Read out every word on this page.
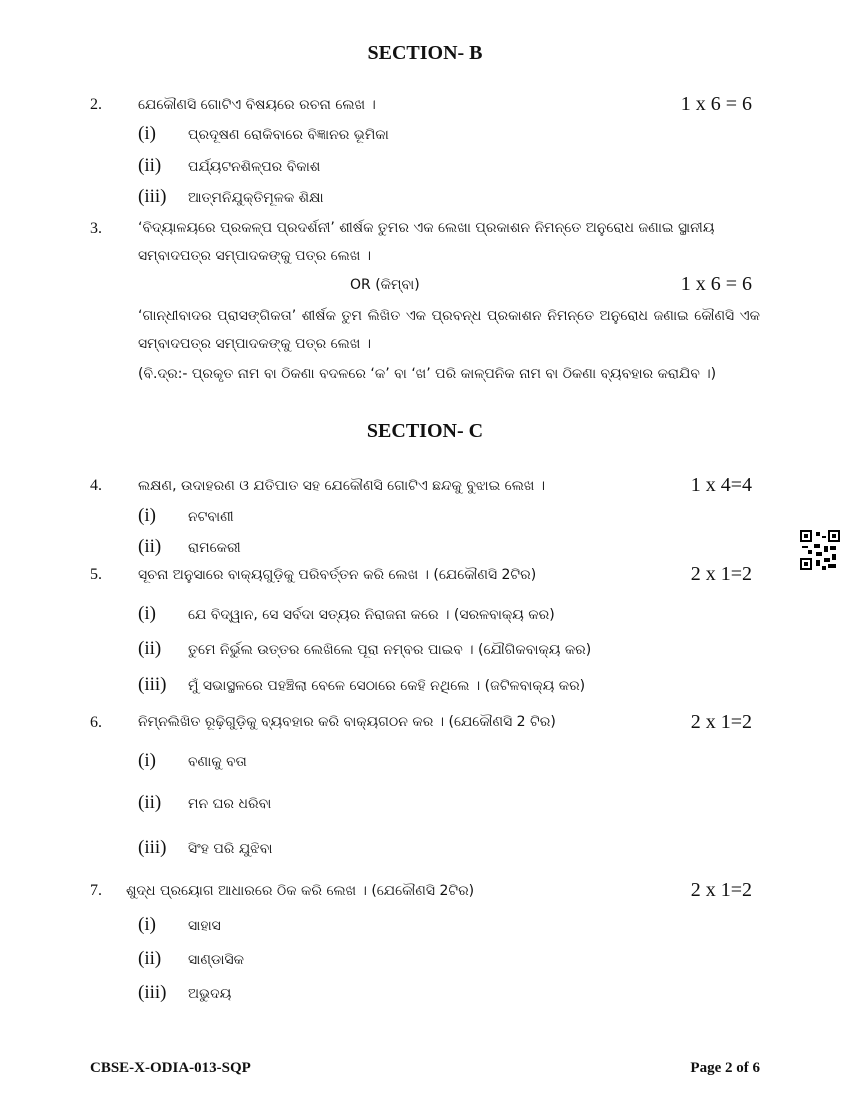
SECTION- B
2.	ଯେକୌଣସି ଗୋଟିଏ ବିଷୟରେ ରଚନା ଲେଖ ।	1 x 6 = 6
(i)	ପ୍ରଦୂଷଣ ରୋକିବାରେ ବିଜ୍ଞାନର ଭୂମିକା
(ii)	ପର୍ଯ୍ୟଟନଶିଳ୍ପର ବିକାଶ
(iii)	ଆତ୍ମନିଯୁକ୍ତିମୂଳକ ଶିକ୍ଷା
3.	‘ବିଦ୍ୟାଳୟରେ ପ୍ରକଳ୍ପ ପ୍ରଦର୍ଶନୀ’ ଶୀର୍ଷକ ତୁମର ଏକ ଲେଖା ପ୍ରକାଶନ ନିମନ୍ତେ ଅନୁରୋଧ ଜଣାଇ ସ୍ଥାନୀୟ ସମ୍ବାଦପତ୍ର ସମ୍ପାଦକଙ୍କୁ ପତ୍ର ଲେଖ ।
OR (କିମ୍ବା)	1 x 6 = 6
‘ଗାନ୍ଧୀବାଦର ପ୍ରାସଙ୍ଗିକତା’ ଶୀର୍ଷକ ତୁମ ଲିଖିତ ଏକ ପ୍ରବନ୍ଧ ପ୍ରକାଶନ ନିମନ୍ତେ ଅନୁରୋଧ ଜଣାଇ କୌଣସି ଏକ ସମ୍ବାଦପତ୍ର ସମ୍ପାଦକଙ୍କୁ ପତ୍ର ଲେଖ ।
(ବି.ଦ୍ର:- ପ୍ରକୃତ ନାମ ବା ଠିକଣା ବଦଳରେ ‘କ’ ବା ‘ଖ’ ପରି କାଳ୍ପନିକ ନାମ ବା ଠିକଣା ବ୍ୟବହାର କରାଯିବ ।)
SECTION- C
4.	ଲକ୍ଷଣ, ଉଦାହରଣ ଓ ଯତିପାତ ସହ ଯେକୌଣସି ଗୋଟିଏ ଛନ୍ଦକୁ ବୁଝାଇ ଲେଖ ।	1 x 4=4
(i)	ନଟବାଣୀ
(ii)	ରାମକେରୀ
5.	ସୂଚନା ଅନୁସାରେ ବାକ୍ୟଗୁଡ଼ିକୁ ପରିବର୍ତ୍ତନ କରି ଲେଖ । (ଯେକୌଣସି 2ଟିର)	2 x 1=2
(i)	ଯେ ବିଦ୍ୱାନ, ସେ ସର୍ବଦା ସତ୍ୟର ନିରାଜନା କରେ । (ସରଳବାକ୍ୟ କର)
(ii)	ତୁମେ ନିର୍ଭୁଲ ଉତ୍ତର ଲେଖିଲେ ପୂରା ନମ୍ବର ପାଇବ । (ଯୌଗିକବାକ୍ୟ କର)
(iii)	ମୁଁ ସଭାସ୍ଥଳରେ ପହଞ୍ଚିଲା ବେଳେ ସେଠାରେ କେହି ନଥିଲେ । (ଜଟିଳବାକ୍ୟ କର)
6.	ନିମ୍ନଲିଖିତ ରୂଢ଼ିଗୁଡ଼ିକୁ ବ୍ୟବହାର କରି ବାକ୍ୟଗଠନ କର । (ଯେକୌଣସି 2 ଟିର)	2 x 1=2
(i)	ବଣାକୁ ବତା
(ii)	ମନ ଘର ଧରିବା
(iii)	ସିଂହ ପରି ଯୁଝିବା
7. ଶୁଦ୍ଧ ପ୍ରୟୋଗ ଆଧାରରେ ଠିକ କରି ଲେଖ । (ଯେକୌଣସି 2ଟିର)	2 x 1=2
(i)	ସାହାସ
(ii)	ସାଣ୍ଡାସିକ
(iii)	ଅଭୁଦୟ
CBSE-X-ODIA-013-SQP	Page 2 of 6
